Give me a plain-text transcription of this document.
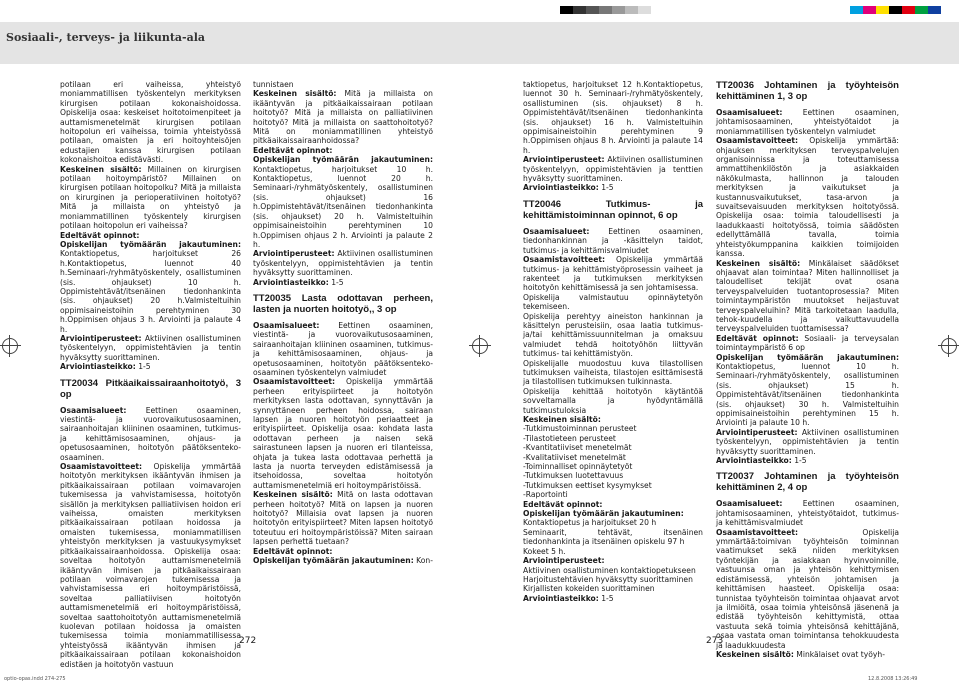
Sosiaali-, terveys- ja liikunta-ala

potilaan eri vaiheissa, yhteistyö moniammatillisen työskentelyn merkityksen kirurgisen potilaan kokonaishoidossa. Opiskelija osaa: keskeiset hoitotoimenpiteet ja auttamismenetelmät kirurgisen potilaan hoitopolun eri vaiheissa, toimia yhteistyössä potilaan, omaisten ja eri hoitoyhteisöjen edustajien kanssa kirurgisen potilaan kokonaishoitoa edistävästi.

Keskeinen sisältö: Millainen on kirurgisen potilaan hoitoympäristö? Millainen on kirurgisen potilaan hoitopolku? Mitä ja millaista on kirurginen ja perioperatiivinen hoitotyö? Mitä ja millaista on yhteistyö ja moniammatillinen työskentely kirurgisen potilaan hoitopolun eri vaiheissa?

Edeltävät opinnot:

Opiskelijan työmäärän jakautuminen: Kontaktiopetus, harjoitukset 26 h.Kontaktiopetus, luennot 40 h.Seminaari-/ryhmätyöskentely, osallistuminen (sis. ohjaukset) 10 h. Oppimistehtävät/itsenäinen tiedonhankinta (sis. ohjaukset) 20 h.Valmisteltuihin oppimisaineistoihin perehtyminen 30 h.Oppimisen ohjaus 3 h. Arviointi ja palaute 4 h.

Arviointiperusteet: Aktiivinen osallistuminen työskentelyyn, oppimistehtävien ja tentin hyväksytty suorittaminen.

Arviointiasteikko: 1-5

TT20034 Pitkäaikaissairaanhoitotyö, 3 op

Osaamisalueet: Eettinen osaaminen, viestintä- ja vuorovaikutusosaaminen, sairaanhoitajan kliininen osaaminen, tutkimus- ja kehittämisosaaminen, ohjaus- ja opetusosaaminen, hoitotyön päätöksenteko-osaaminen.

Osaamistavoitteet: Opiskelija ymmärtää hoitotyön merkityksen ikääntyvän ihmisen ja pitkäaikaissairaan potilaan voimavarojen tukemisessa ja vahvistamisessa, hoitotyön sisällön ja merkityksen palliatiivisen hoidon eri vaiheissa, omaisten merkityksen pitkäaikaissairaan potilaan hoidossa ja omaisten tukemisessa, moniammatillisen yhteistyön merkityksen ja vastuukysymykset pitkäaikaissairaanhoidossa. Opiskelija osaa: soveltaa hoitotyön auttamismenetelmiä ikääntyvän ihmisen ja pitkäaikaissairaan potilaan voimavarojen tukemisessa ja vahvistamisessa eri hoitoympäristöissä, soveltaa palliatiivisen hoitotyön auttamismenetelmiä eri hoitoympäristöissä, soveltaa saattohoitotyön auttamismenetelmiä kuolevan potilaan hoidossa ja omaisten tukemisessa toimia moniammatillisessa yhteistyössä ikääntyvän ihmisen ja pitkäaikaissairaan potilaan kokonaishoidon edistäen ja hoitotyön vastuun

tunnistaen

Keskeinen sisältö: Mitä ja millaista on ikääntyvän ja pitkäaikaissairaan potilaan hoitotyö? Mitä ja millaista on palliatiivinen hoitotyö? Mitä ja millaista on saattohoitotyö? Mitä on moniammatillinen yhteistyö pitkäaikaissairaanhoidossa?

Edeltävät opinnot:

Opiskelijan työmäärän jakautuminen: Kontaktiopetus, harjoitukset 10 h. Kontaktiopetus, luennot 20 h. Seminaari-/ryhmätyöskentely, osallistuminen (sis. ohjaukset) 16 h.Oppimistehtävät/itsenäinen tiedonhankinta (sis. ohjaukset) 20 h. Valmisteltuihin oppimisaineistoihin perehtyminen 10 h.Oppimisen ohjaus 2 h. Arviointi ja palaute 2 h.

Arviointiperusteet: Aktiivinen osallistuminen työskentelyyn, oppimistehtävien ja tentin hyväksytty suorittaminen.

Arviointiasteikko: 1-5

TT20035 Lasta odottavan perheen, lasten ja nuorten hoitotyö,, 3 op

Osaamisalueet: Eettinen osaaminen, viestintä- ja vuorovaikutusosaaminen, sairaanhoitajan kliininen osaaminen, tutkimus- ja kehittämisosaaminen, ohjaus- ja opetusosaaminen, hoitotyön päätöksenteko-osaaminen työskentelyn valmiudet

Osaamistavoitteet: Opiskelija ymmärtää perheen erityispiirteet ja hoitotyön merkityksen lasta odottavan, synnyttävän ja synnyttäneen perheen hoidossa, sairaan lapsen ja nuoren hoitotyön periaatteet ja erityispiirteet. Opiskelija osaa: kohdata lasta odottavan perheen ja naisen sekä sairastuneen lapsen ja nuoren eri tilanteissa, ohjata ja tukea lasta odottavaa perhettä ja lasta ja nuorta terveyden edistämisessä ja itsehoidossa, soveltaa hoitotyön auttamismenetelmiä eri hoitoympäristöissä.

Keskeinen sisältö: Mitä on lasta odottavan perheen hoitotyö? Mitä on lapsen ja nuoren hoitotyö? Millaisia ovat lapsen ja nuoren hoitotyön erityispiirteet? Miten lapsen hoitotyö toteutuu eri hoitoympäristöissä? Miten sairaan lapsen perhettä tuetaan?

Edeltävät opinnot:

Opiskelijan työmäärän jakautuminen: Kon-

taktiopetus, harjoitukset 12 h.Kontaktiopetus, luennot 30 h. Seminaari-/ryhmätyöskentely, osallistuminen (sis. ohjaukset) 8 h. Oppimistehtävät/itsenäinen tiedonhankinta (sis. ohjaukset) 16 h. Valmisteltuihin oppimisaineistoihin perehtyminen 9 h.Oppimisen ohjaus 8 h. Arviointi ja palaute 14 h.

Arviointiperusteet: Aktiivinen osallistuminen työskentelyyn, oppimistehtävien ja tenttien hyväksytty suorittaminen.

Arviointiasteikko: 1-5

TT20046 Tutkimus- ja kehittämistoiminnan opinnot, 6 op

Osaamisalueet: Eettinen osaaminen, tiedonhankinnan ja -käsittelyn taidot, tutkimus- ja kehittämisvalmiudet

Osaamistavoitteet: Opiskelija ymmärtää tutkimus- ja kehittämistyöprosessin vaiheet ja rakenteet ja tutkimuksen merkityksen hoitotyön kehittämisessä ja sen johtamisessa.

Opiskelija valmistautuu opinnäytetyön tekemiseen.

Opiskelija perehtyy aineiston hankinnan ja käsittelyn perusteisiin, osaa laatia tutkimus- ja/tai kehittämissuunnitelman ja omaksuu valmiudet tehdä hoitotyöhön liittyvän tutkimus- tai kehittämistyön.

Opiskelijalle muodostuu kuva tilastollisen tutkimuksen vaiheista, tilastojen esittämisestä ja tilastollisen tutkimuksen tulkinnasta.

Opiskelija kehittää hoitotyön käytäntöä sovveltamalla ja hyödyntämällä tutkimustuloksia

Keskeinen sisältö:

-Tutkimustoiminnan perusteet

-Tilastotieteen perusteet

-Kvantitatiiviset menetelmät

-Kvalitatiiviset menetelmät

-Toiminnalliset opinnäytetyöt

-Tutkimuksen luotettavuus

-Tutkimuksen eettiset kysymykset

-Raportointi

Edeltävät opinnot:

Opiskelijan työmäärän jakautuminen:

Kontaktiopetus ja harjoitukset 20 h

Seminaarit, tehtävät, itsenäinen tiedonhankinta ja itsenäinen opiskelu 97 h

Kokeet 5 h.

Arviointiperusteet:

Aktiivinen osallistuminen kontaktiopetukseen

Harjoitustehtävien hyväksytty suorittaminen

Kirjallisten kokeiden suorittaminen

Arviointiasteikko: 1-5

TT20036 Johtaminen ja työyhteisön kehittäminen 1, 3 op

Osaamisalueet: Eettinen osaaminen, johtamisosaaminen, yhteistyötaidot ja moniammatillisen työskentelyn valmiudet

Osaamistavoitteet: Opiskelija ymmärtää: ohjauksen merkityksen terveyspalvelujen organisoinnissa ja toteuttamisessa ammattihenkilöstön ja asiakkaiden näkökulmasta, hallinnon ja talouden merkityksen ja vaikutukset ja kustannusvaikutukset, tasa-arvon ja suvaitsevaisuuden merkityksen hoitotyössä. Opiskelija osaa: toimia taloudellisesti ja laadukkaasti hoitotyössä, toimia säädösten edellyttämällä tavalla, toimia yhteistyökumppanina kaikkien toimijoiden kanssa.

Keskeinen sisältö: Minkälaiset säädökset ohjaavat alan toimintaa? Miten hallinnolliset ja taloudelliset tekijät ovat osana terveyspalveluiden tuotantoprosessia? Miten toimintaympäristön muutokset heijastuvat terveyspalveluihin? Mitä tarkoitetaan laadulla, tehok-kuudella ja vaikuttavuudella terveyspalveluiden tuottamisessa?

Edeltävät opinnot: Sosiaali- ja terveysalan toimintaympäristö 6 op

Opiskelijan työmäärän jakautuminen: Kontaktiopetus, luennot 10 h. Seminaari-/ryhmätyöskentely, osallistuminen (sis. ohjaukset) 15 h. Oppimistehtävät/itsenäinen tiedonhankinta (sis. ohjaukset) 30 h. Valmisteltuihin oppimisaineistoihin perehtyminen 15 h. Arviointi ja palaute 10 h.

Arviointiperusteet: Aktiivinen osallistuminen työskentelyyn, oppimistehtävien ja tentin hyväksytty suorittaminen.

Arviointiasteikko: 1-5

TT20037 Johtaminen ja työyhteisön kehittäminen 2, 4 op

Osaamisalueet: Eettinen osaaminen, johtamisosaaminen, yhteistyötaidot, tutkimus- ja kehittämisvalmiudet

Osaamistavoitteet: Opiskelija ymmärtää:toimivan työyhteisön toiminnan vaatimukset sekä niiden merkityksen työntekijän ja asiakkaan hyvinvoinnille, vastuunsa oman ja yhteisön kehittymisen edistämisessä, yhteisön johtamisen ja kehittämisen haasteet. Opiskelija osaa: tunnistaa työyhteisön toimintaa ohjaavat arvot ja ilmiöitä, osaa toimia yhteisönsä jäsenenä ja edistää työyhteisön kehittymistä, ottaa vastuuta sekä toimia yhteisönsä kehittäjänä, osaa vastata oman toimintansa tehokkuudesta ja laadukkuudesta

Keskeinen sisältö: Minkälaiset ovat työyh-

272	273
optio-opas.indd 274-275	12.8.2008 13:26:49
